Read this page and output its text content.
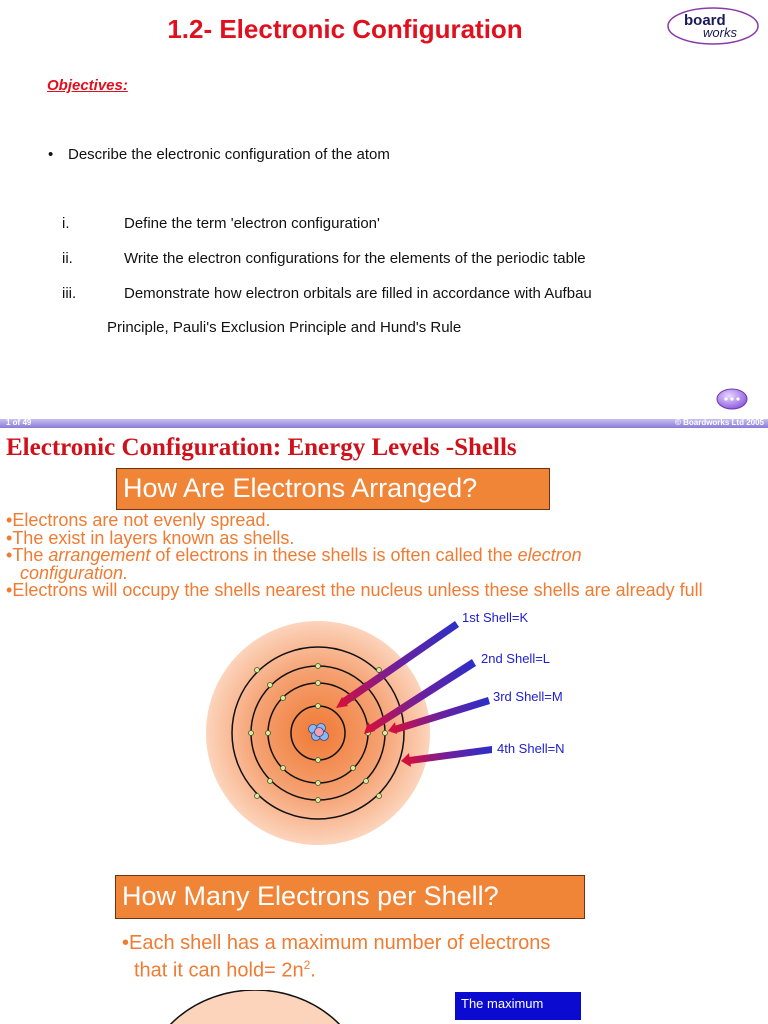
1.2- Electronic Configuration	board
works
Objectives:
• Describe the electronic configuration of the atom
i.	Define the term 'electron configuration'
ii.	Write the electron configurations for the elements of the periodic table
iii.	Demonstrate how electron orbitals are filled in accordance with Aufbau
Principle, Pauli's Exclusion Principle and Hund's Rule
1 of 49	© Boardworks Ltd 2005
Electronic Configuration: Energy Levels -Shells
How Are Electrons Arranged?
•Electrons are not evenly spread.
•The exist in layers known as shells.
•The arrangement of electrons in these shells is often called the electron
configuration.
•Electrons will occupy the shells nearest the nucleus unless these shells are already full
1st Shell=K
2nd Shell=L
3rd Shell=M
4th Shell=N
How Many Electrons per Shell?
•Each shell has a maximum number of electrons
that it can hold= $2n^2$.
The maximum
